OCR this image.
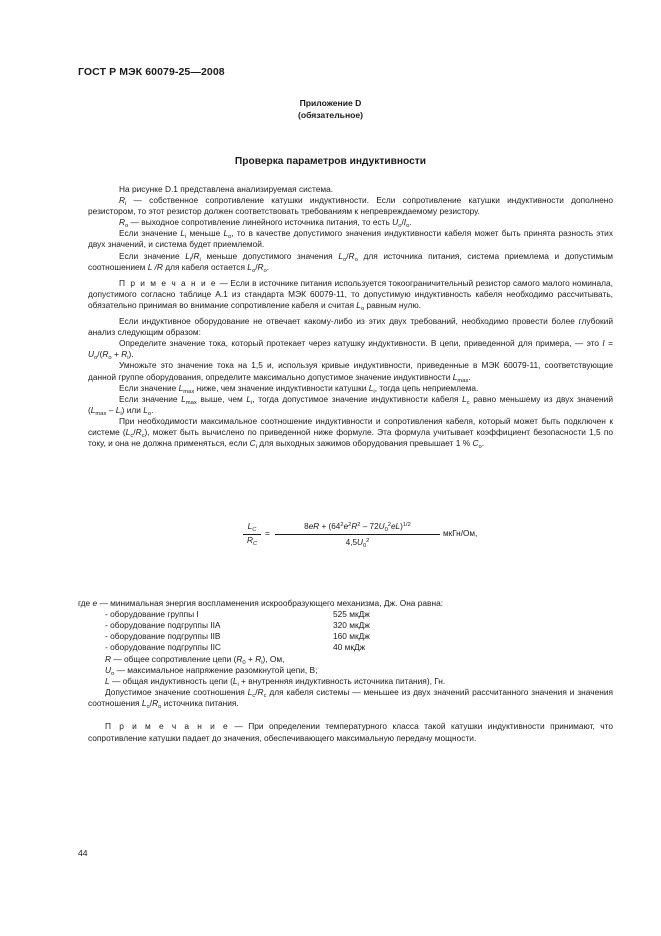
ГОСТ Р МЭК 60079-25—2008
Приложение D
(обязательное)
Проверка параметров индуктивности

На рисунке D.1 представлена анализируемая система.

$R_i$ — собственное сопротивление катушки индуктивности. Если сопротивление катушки индуктивности дополнено резистором, то этот резистор должен соответствовать требованиям к непревреждаемому резистору.

$R_o$ — выходное сопротивление линейного источника питания, то есть $U_o/I_o$.

Если значение $L_i$ меньше $L_o$, то в качестве допустимого значения индуктивности кабеля может быть принята разность этих двух значений, и система будет приемлемой.

Если значение $L_i/R_i$ меньше допустимого значения $L_o/R_o$ для источника питания, система приемлема и допустимым соотношением L /R для кабеля остается $L_o/R_o$.

П р и м е ч а н и е — Если в источнике питания используется токоограничительный резистор самого малого номинала, допустимого согласно таблице А.1 из стандарта МЭК 60079-11, то допустимую индуктивность кабеля необходимо рассчитывать, обязательно принимая во внимание сопротивление кабеля и считая $L_o$ равным нулю.

Если индуктивное оборудование не отвечает какому-либо из этих двух требований, необходимо провести более глубокий анализ следующим образом:

Определите значение тока, который протекает через катушку индуктивности. В цепи, приведенной для примера, — это $I = U_o/(R_o + R_i)$.

Умножьте это значение тока на 1,5 и, используя кривые индуктивности, приведенные в МЭК 60079-11, соответствующие данной группе оборудования, определите максимально допустимое значение индуктивности $L_{max}$.

Если значение $L_{max}$ ниже, чем значение индуктивности катушки $L_i$, тогда цепь неприемлема.

Если значение $L_{max}$ выше, чем $L_i$, тогда допустимое значение индуктивности кабеля $L_c$ равно меньшему из двух значений $(L_{max} - L_i)$ или $L_o$.

При необходимости максимальное соотношение индуктивности и сопротивления кабеля, который может быть подключен к системе $(L_c/R_c)$, может быть вычислено по приведенной ниже формуле. Эта формула учитывает коэффициент безопасности 1,5 по току, и она не должна применяться, если $C_i$ для выходных зажимов оборудования превышает 1 % $C_o$.

$L_C$
$R_C$
=
$8eR + (64^2e^2R^2 - 72U_0^2eL)^{1/2}$
$4,5U_0^2$
мкГн/Ом,

где e — минимальная энергия воспламенения искрообразующего механизма, Дж. Она равна:

- оборудование группы I	525 мкДж
- оборудование подгруппы IIA	320 мкДж
- оборудование подгруппы IIB	160 мкДж
- оборудование подгруппы IIC	40 мкДж

R — общее сопротивление цепи $(R_0 + R_i)$, Ом,

$U_o$ — максимальное напряжение разомкнутой цепи, В;

L — общая индуктивность цепи ($L_i$ + внутренняя индуктивность источника питания), Гн.

Допустимое значение соотношения $L_c/R_c$ для кабеля системы — меньшее из двух значений рассчитанного значения и значения соотношения $L_o/R_o$ источника питания.

П р и м е ч а н и е — При определении температурного класса такой катушки индуктивности принимают, что сопротивление катушки падает до значения, обеспечивающего максимальную передачу мощности.

44
